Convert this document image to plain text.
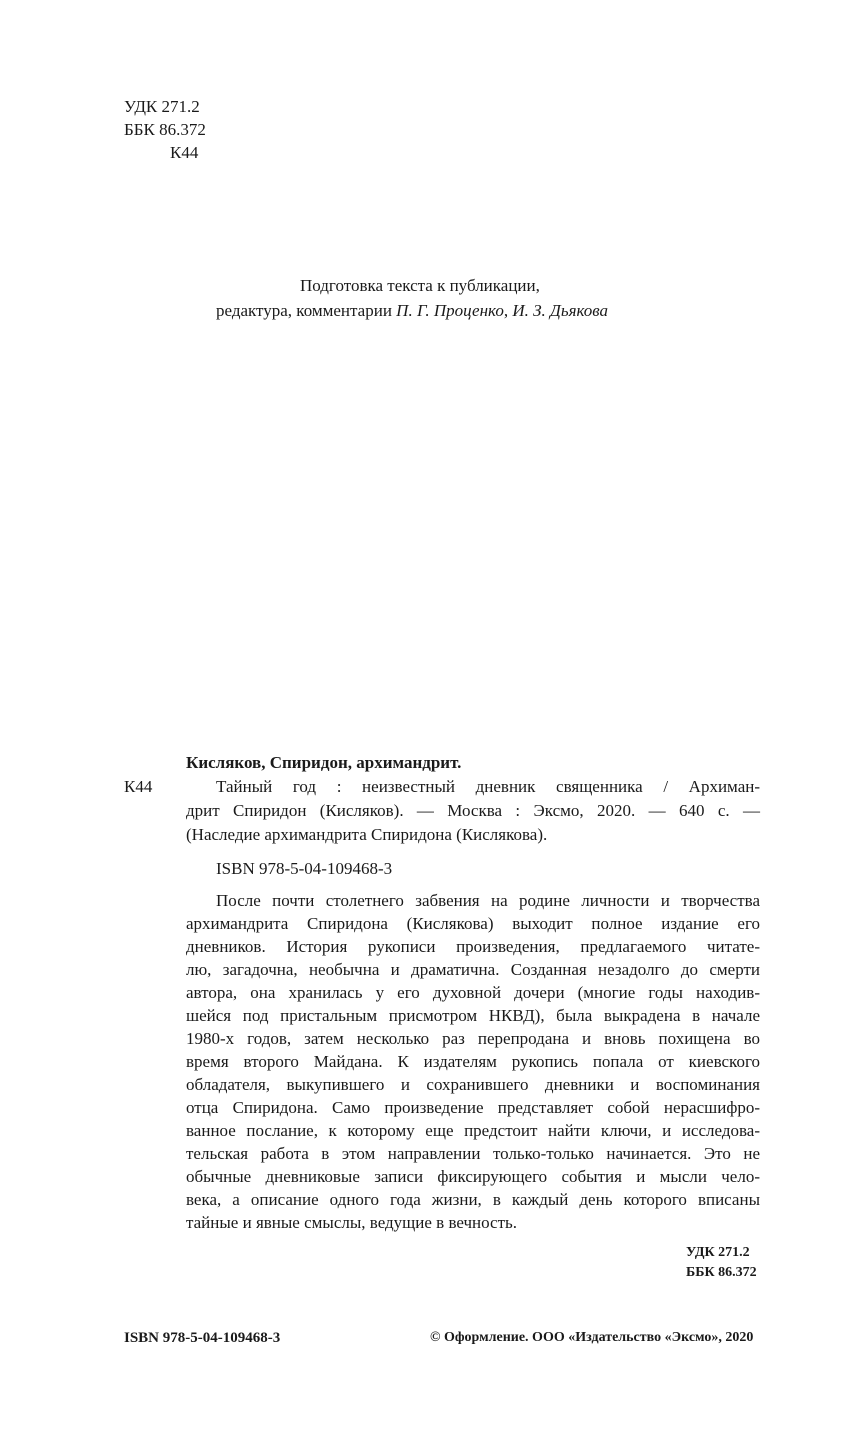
УДК 271.2
ББК 86.372
К44
Подготовка текста к публикации,
редактура, комментарии П. Г. Проценко, И. З. Дьякова
Кисляков, Спиридон, архимандрит.
К44	Тайный год : неизвестный дневник священника / Архиман-
дрит Спиридон (Кисляков). — Москва : Эксмо, 2020. — 640 с. —
(Наследие архимандрита Спиридона (Кислякова).
ISBN 978-5-04-109468-3
После почти столетнего забвения на родине личности и творчества
архимандрита Спиридона (Кислякова) выходит полное издание его
дневников. История рукописи произведения, предлагаемого читате-
лю, загадочна, необычна и драматична. Созданная незадолго до смерти
автора, она хранилась у его духовной дочери (многие годы находив-
шейся под пристальным присмотром НКВД), была выкрадена в начале
1980-х годов, затем несколько раз перепродана и вновь похищена во
время второго Майдана. К издателям рукопись попала от киевского
обладателя, выкупившего и сохранившего дневники и воспоминания
отца Спиридона. Само произведение представляет собой нерасшифро-
ванное послание, к которому еще предстоит найти ключи, и исследова-
тельская работа в этом направлении только-только начинается. Это не
обычные дневниковые записи фиксирующего события и мысли чело-
века, а описание одного года жизни, в каждый день которого вписаны
тайные и явные смыслы, ведущие в вечность.
УДК 271.2
ББК 86.372
ISBN 978-5-04-109468-3	© Оформление. ООО «Издательство «Эксмо», 2020
